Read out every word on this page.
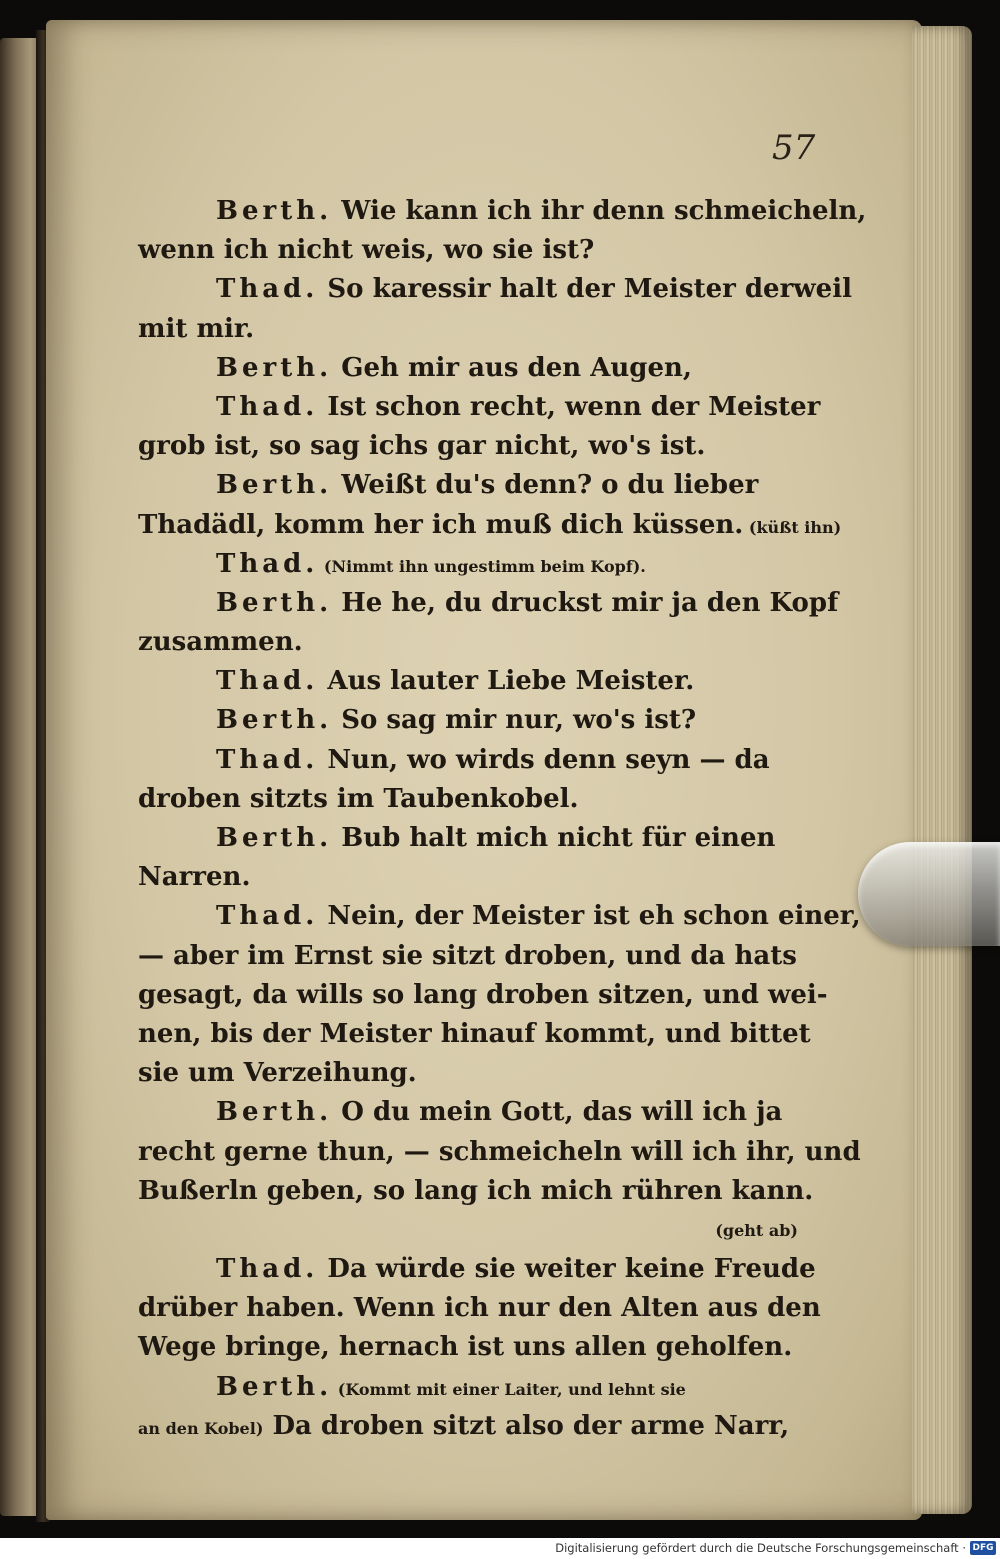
57
Berth. Wie kann ich ihr denn schmeicheln,
wenn ich nicht weis, wo sie ist?
Thad. So karessir halt der Meister derweil
mit mir.
Berth. Geh mir aus den Augen,
Thad. Ist schon recht, wenn der Meister
grob ist, so sag ichs gar nicht, wo's ist.
Berth. Weißt du's denn? o du lieber
Thadädl, komm her ich muß dich küssen. (küßt ihn)
Thad. (Nimmt ihn ungestimm beim Kopf).
Berth. He he, du druckst mir ja den Kopf
zusammen.
Thad. Aus lauter Liebe Meister.
Berth. So sag mir nur, wo's ist?
Thad. Nun, wo wirds denn seyn — da
droben sitzts im Taubenkobel.
Berth. Bub halt mich nicht für einen
Narren.
Thad. Nein, der Meister ist eh schon einer,
— aber im Ernst sie sitzt droben, und da hats
gesagt, da wills so lang droben sitzen, und wei-
nen, bis der Meister hinauf kommt, und bittet
sie um Verzeihung.
Berth. O du mein Gott, das will ich ja
recht gerne thun, — schmeicheln will ich ihr, und
Bußerln geben, so lang ich mich rühren kann.
(geht ab)
Thad. Da würde sie weiter keine Freude
drüber haben. Wenn ich nur den Alten aus den
Wege bringe, hernach ist uns allen geholfen.
Berth. (Kommt mit einer Laiter, und lehnt sie
an den Kobel) Da droben sitzt also der arme Narr,
Digitalisierung gefördert durch die Deutsche Forschungsgemeinschaft · DFG
